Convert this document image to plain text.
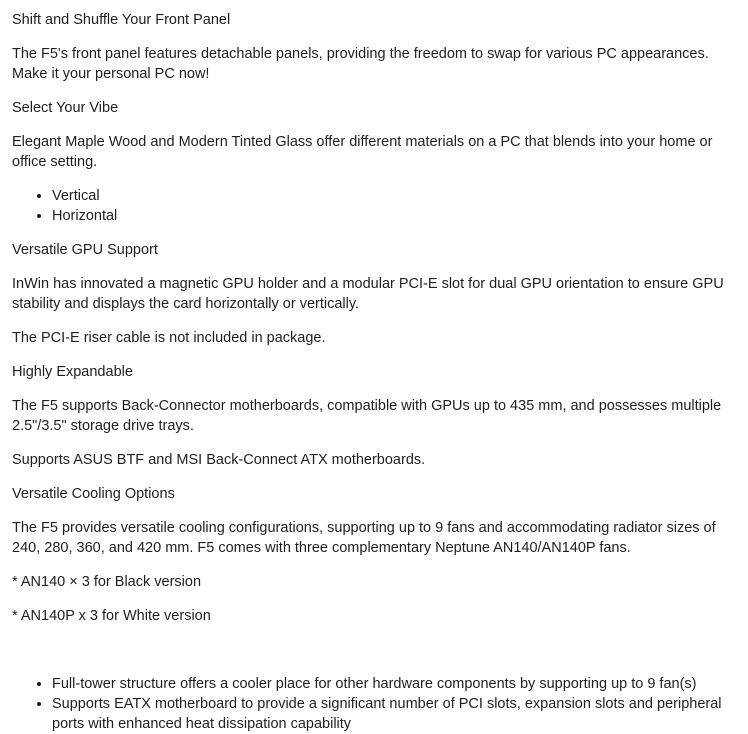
Shift and Shuffle Your Front Panel

The F5's front panel features detachable panels, providing the freedom to swap for various PC appearances. Make it your personal PC now!

Select Your Vibe

Elegant Maple Wood and Modern Tinted Glass offer different materials on a PC that blends into your home or office setting.

• Vertical
• Horizontal

Versatile GPU Support

InWin has innovated a magnetic GPU holder and a modular PCI-E slot for dual GPU orientation to ensure GPU stability and displays the card horizontally or vertically.

The PCI-E riser cable is not included in package.

Highly Expandable

The F5 supports Back-Connector motherboards, compatible with GPUs up to 435 mm, and possesses multiple 2.5"/3.5" storage drive trays.

Supports ASUS BTF and MSI Back-Connect ATX motherboards.

Versatile Cooling Options

The F5 provides versatile cooling configurations, supporting up to 9 fans and accommodating radiator sizes of 240, 280, 360, and 420 mm. F5 comes with three complementary Neptune AN140/AN140P fans.

* AN140 × 3 for Black version

* AN140P x 3 for White version

• Full-tower structure offers a cooler place for other hardware components by supporting up to 9 fan(s)
• Supports EATX motherboard to provide a significant number of PCI slots, expansion slots and peripheral ports with enhanced heat dissipation capability
